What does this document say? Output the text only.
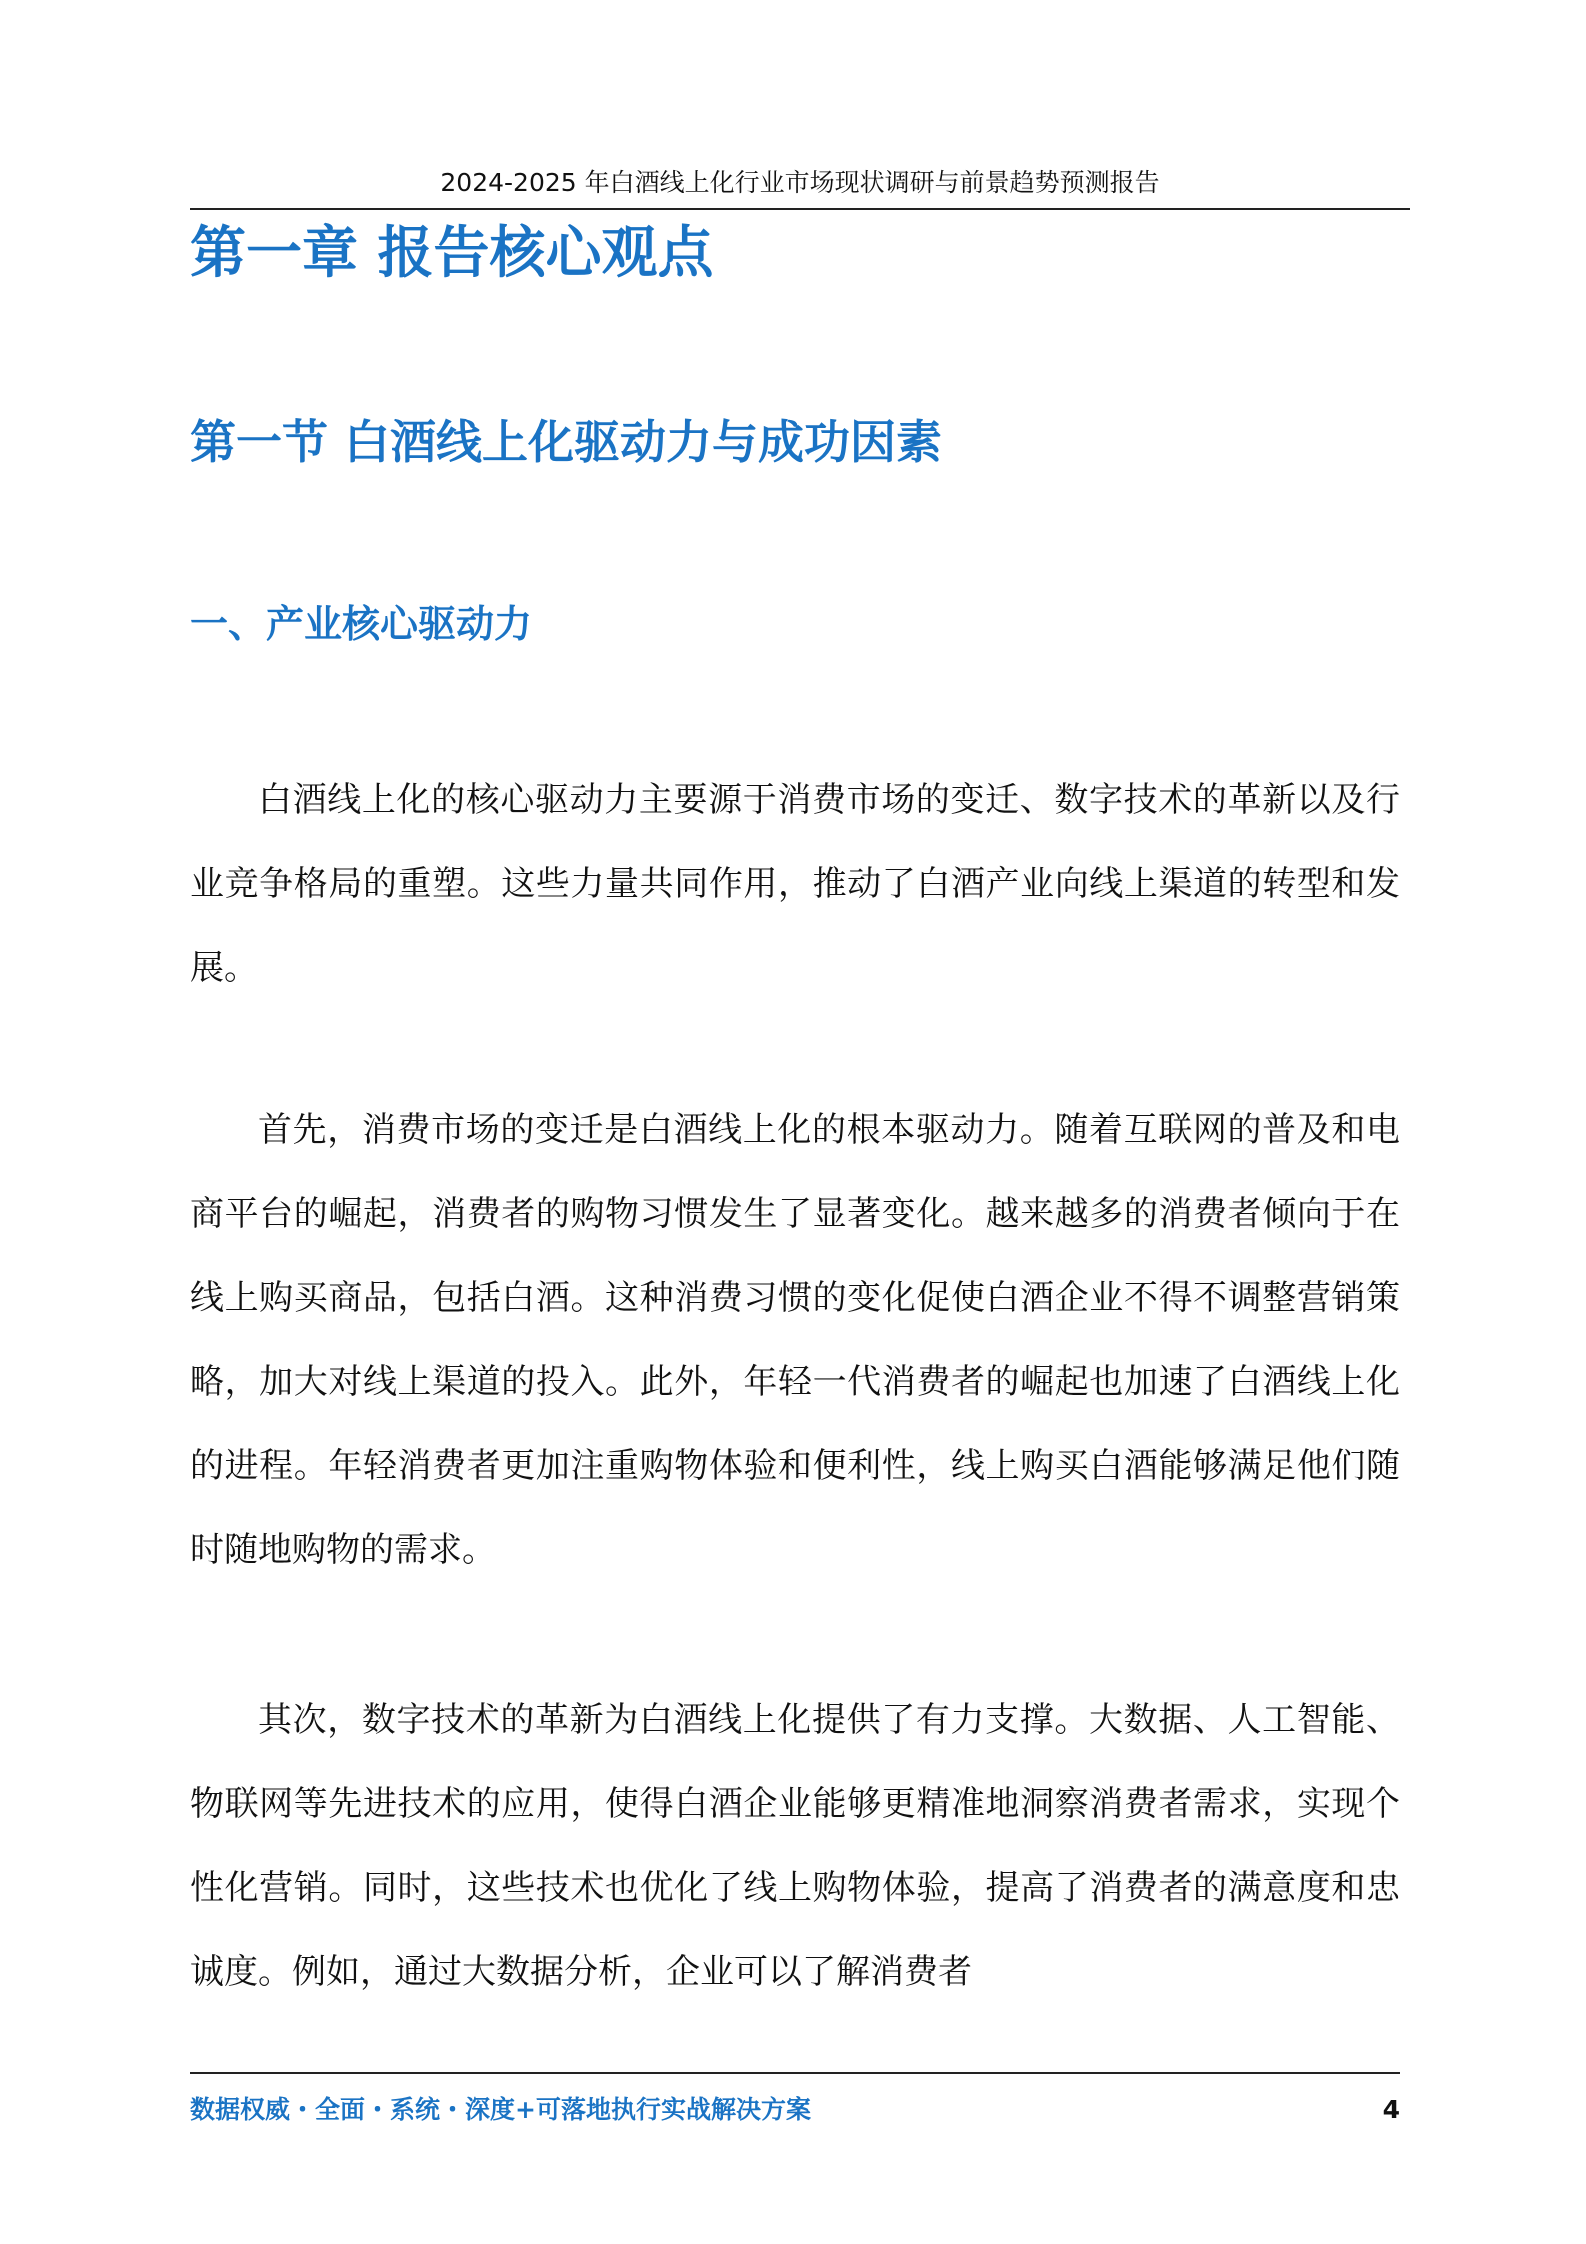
2024-2025 年白酒线上化行业市场现状调研与前景趋势预测报告
第一章 报告核心观点
第一节 白酒线上化驱动力与成功因素
一、产业核心驱动力

白酒线上化的核心驱动力主要源于消费市场的变迁、数字技术的革新以及行业竞争格局的重塑。这些力量共同作用，推动了白酒产业向线上渠道的转型和发展。

首先，消费市场的变迁是白酒线上化的根本驱动力。随着互联网的普及和电商平台的崛起，消费者的购物习惯发生了显著变化。越来越多的消费者倾向于在线上购买商品，包括白酒。这种消费习惯的变化促使白酒企业不得不调整营销策略，加大对线上渠道的投入。此外，年轻一代消费者的崛起也加速了白酒线上化的进程。年轻消费者更加注重购物体验和便利性，线上购买白酒能够满足他们随时随地购物的需求。

其次，数字技术的革新为白酒线上化提供了有力支撑。大数据、人工智能、物联网等先进技术的应用，使得白酒企业能够更精准地洞察消费者需求，实现个性化营销。同时，这些技术也优化了线上购物体验，提高了消费者的满意度和忠诚度。例如，通过大数据分析，企业可以了解消费者

数据权威・全面・系统・深度+可落地执行实战解决方案	4
